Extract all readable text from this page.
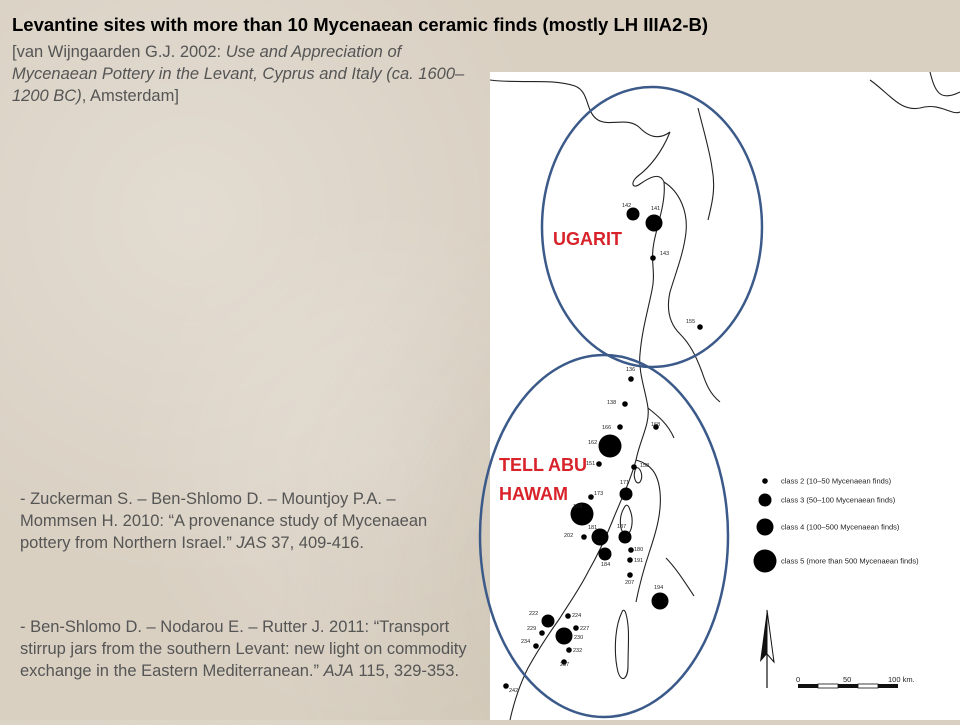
Levantine sites with more than 10 Mycenaean ceramic finds (mostly LH IIIA2-B)
[van Wijngaarden G.J. 2002: Use and Appreciation of Mycenaean Pottery in the Levant, Cyprus and Italy (ca. 1600– 1200 BC), Amsterdam]
- Zuckerman S. – Ben-Shlomo D. – Mountjoy P.A. – Mommsen H. 2010: “A provenance study of Mycenaean pottery from Northern Israel.” JAS 37, 409-416.
- Ben-Shlomo D. – Nodarou E. – Rutter J. 2011: “Transport stirrup jars from the southern Levant: new light on commodity exchange in the Eastern Mediterranean.” AJA 115, 329-353.
UGARIT
TELL ABU
HAWAM
142	141
143
155
136
138
166	168
162
151	158
171
173
169
181	187
202
180
191
184
207
194
222	224
227
229
230
234
232
237
242
class 2 (10–50 Mycenaean finds)
class 3 (50–100 Mycenaean finds)
class 4 (100–500 Mycenaean finds)
class 5 (more than 500 Mycenaean finds)
0	50	100 km.
